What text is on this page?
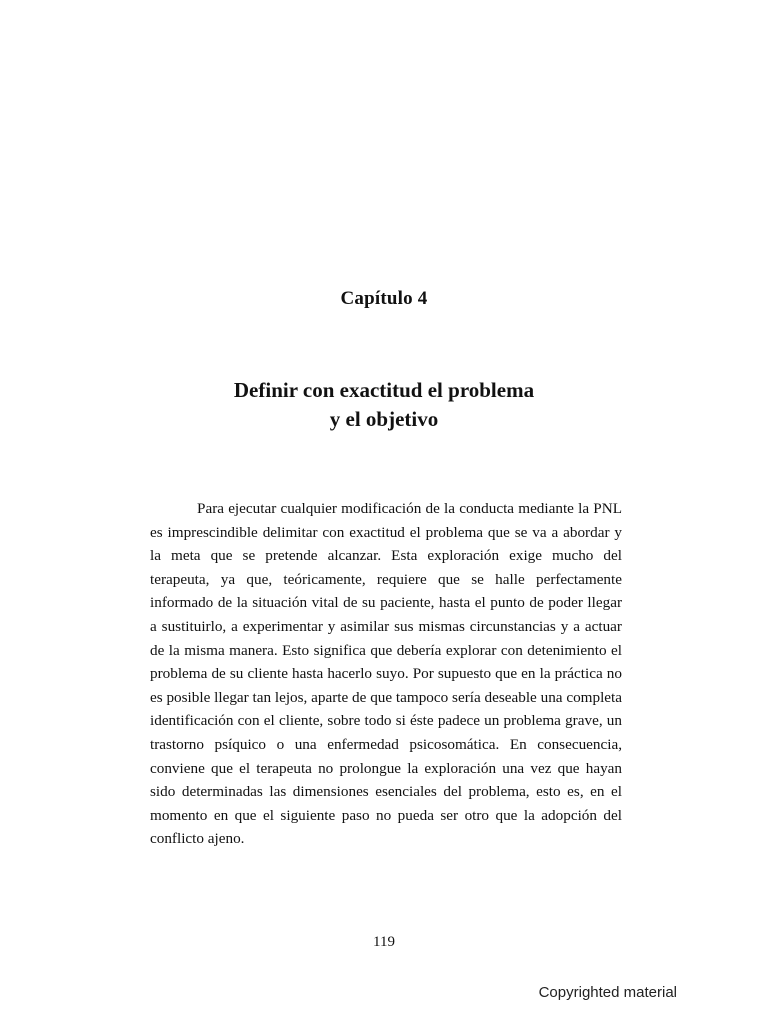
Capítulo 4
Definir con exactitud el problema
y el objetivo

Para ejecutar cualquier modificación de la conducta mediante la PNL es imprescindible delimitar con exactitud el problema que se va a abordar y la meta que se pretende alcanzar. Esta exploración exige mucho del terapeuta, ya que, teóricamente, requiere que se halle perfectamente informado de la situación vital de su paciente, hasta el punto de poder llegar a sustituirlo, a experimentar y asimilar sus mismas circunstancias y a actuar de la misma manera. Esto significa que debería explorar con detenimiento el problema de su cliente hasta hacerlo suyo. Por supuesto que en la práctica no es posible llegar tan lejos, aparte de que tampoco sería deseable una completa identificación con el cliente, sobre todo si éste padece un problema grave, un trastorno psíquico o una enfermedad psicosomática. En consecuencia, conviene que el terapeuta no prolongue la exploración una vez que hayan sido determinadas las dimensiones esenciales del problema, esto es, en el momento en que el siguiente paso no pueda ser otro que la adopción del conflicto ajeno.

119
Copyrighted material
